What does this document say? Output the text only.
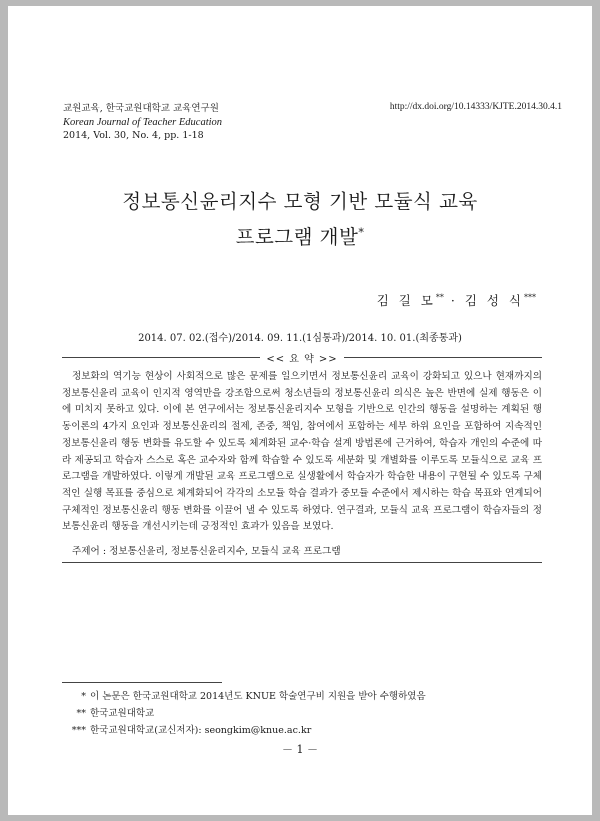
교원교육, 한국교원대학교 교육연구원
Korean Journal of Teacher Education
2014, Vol. 30, No. 4, pp. 1-18
http://dx.doi.org/10.14333/KJTE.2014.30.4.1
정보통신윤리지수 모형 기반 모듈식 교육
프로그램 개발*
김 길 모** · 김 성 식***
2014. 07. 02.(접수)/2014. 09. 11.(1심통과)/2014. 10. 01.(최종통과)
<< 요 약 >>
정보화의 역기능 현상이 사회적으로 많은 문제를 일으키면서 정보통신윤리 교육이 강화되고 있으나 현재까지의 정보통신윤리 교육이 인지적 영역만을 강조함으로써 청소년들의 정보통신윤리 의식은 높은 반면에 실제 행동은 이에 미치지 못하고 있다. 이에 본 연구에서는 정보통신윤리지수 모형을 기반으로 인간의 행동을 설명하는 계획된 행동이론의 4가지 요인과 정보통신윤리의 절제, 존중, 책임, 참여에서 포함하는 세부 하위 요인을 포함하여 지속적인 정보통신윤리 행동 변화를 유도할 수 있도록 체계화된 교수·학습 설계 방법론에 근거하여, 학습자 개인의 수준에 따라 제공되고 학습자 스스로 혹은 교수자와 함께 학습할 수 있도록 세분화 및 개별화를 이루도록 모듈식으로 교육 프로그램을 개발하였다. 이렇게 개발된 교육 프로그램으로 실생활에서 학습자가 학습한 내용이 구현될 수 있도록 구체적인 실행 목표를 중심으로 체계화되어 각각의 소모듈 학습 결과가 중모듈 수준에서 제시하는 학습 목표와 연계되어 구체적인 정보통신윤리 행동 변화를 이끌어 낼 수 있도록 하였다. 연구결과, 모듈식 교육 프로그램이 학습자들의 정보통신윤리 행동을 개선시키는데 긍정적인 효과가 있음을 보였다.
주제어 : 정보통신윤리, 정보통신윤리지수, 모듈식 교육 프로그램
* 이 논문은 한국교원대학교 2014년도 KNUE 학술연구비 지원을 받아 수행하였음
** 한국교원대학교
*** 한국교원대학교(교신저자): seongkim@knue.ac.kr
－ 1 －
